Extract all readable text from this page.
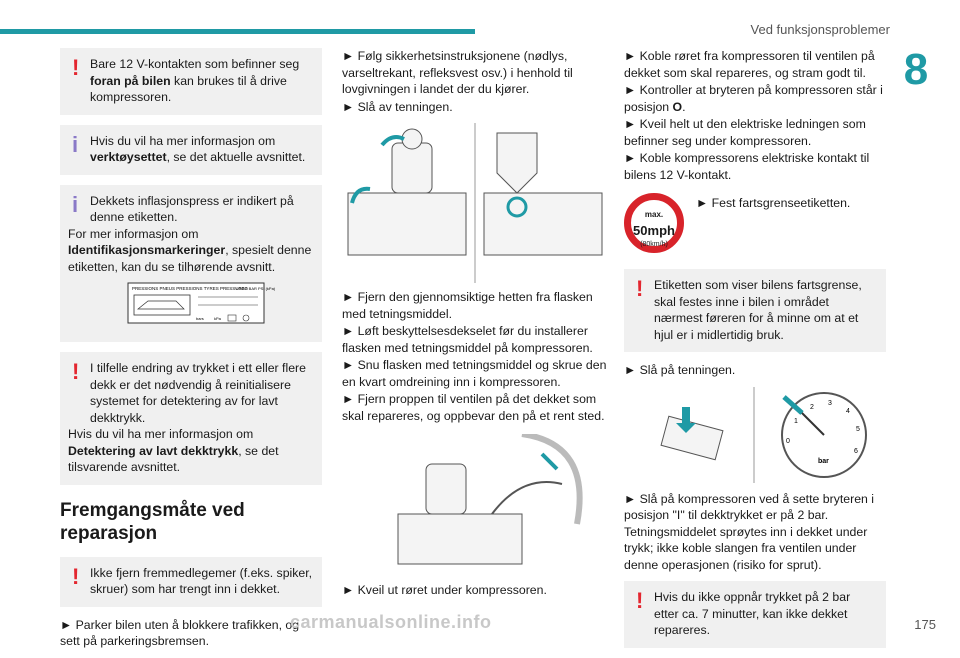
Ved funksjonsproblemer
8
! Bare 12 V-kontakten som befinner seg foran på bilen kan brukes til å drive kompressoren.

i Hvis du vil ha mer informasjon om verktøysettet, se det aktuelle avsnittet.

i Dekkets inflasjonspress er indikert på denne etiketten.

For mer informasjon om Identifikasjonsmarkeringer, spesielt denne etiketten, kan du se tilhørende avsnitt.

PRESSIONS PNEUS PRESSIONS TYRES PRESSURES
LOGO BAR PSI (kPa)
bars	kPa
! I tilfelle endring av trykket i ett eller flere dekk er det nødvendig å reinitialisere systemet for detektering av for lavt dekktrykk.

Hvis du vil ha mer informasjon om Detektering av lavt dekktrykk, se det tilsvarende avsnittet.

Fremgangsmåte ved reparasjon
! Ikke fjern fremmedlegemer (f.eks. spiker, skruer) som har trengt inn i dekket.

► Parker bilen uten å blokkere trafikken, og sett på parkeringsbremsen.

► Følg sikkerhetsinstruksjonene (nødlys, varseltrekant, refleksvest osv.) i henhold til lovgivningen i landet der du kjører.

► Slå av tenningen.

► Fjern den gjennomsiktige hetten fra flasken med tetningsmiddel.

► Løft beskyttelsesdekselet før du installerer flasken med tetningsmiddel på kompressoren.

► Snu flasken med tetningsmiddel og skrue den en kvart omdreining inn i kompressoren.

► Fjern proppen til ventilen på det dekket som skal repareres, og oppbevar den på et rent sted.

► Kveil ut røret under kompressoren.

► Koble røret fra kompressoren til ventilen på dekket som skal repareres, og stram godt til.

► Kontroller at bryteren på kompressoren står i posisjon O.

► Kveil helt ut den elektriske ledningen som befinner seg under kompressoren.

► Koble kompressorens elektriske kontakt til bilens 12 V-kontakt.

max.
50mph
(80km/h)

► Fest fartsgrenseetiketten.

! Etiketten som viser bilens fartsgrense, skal festes inne i bilen i området nærmest føreren for å minne om at et hjul er i midlertidig bruk.

► Slå på tenningen.

0
1
2
3
4
5
6
bar

► Slå på kompressoren ved å sette bryteren i posisjon "I" til dekktrykket er på 2 bar. Tetningsmiddelet sprøytes inn i dekket under trykk; ikke koble slangen fra ventilen under denne operasjonen (risiko for sprut).

! Hvis du ikke oppnår trykket på 2 bar etter ca. 7 minutter, kan ikke dekket repareres.

carmanualsonline.info	175
